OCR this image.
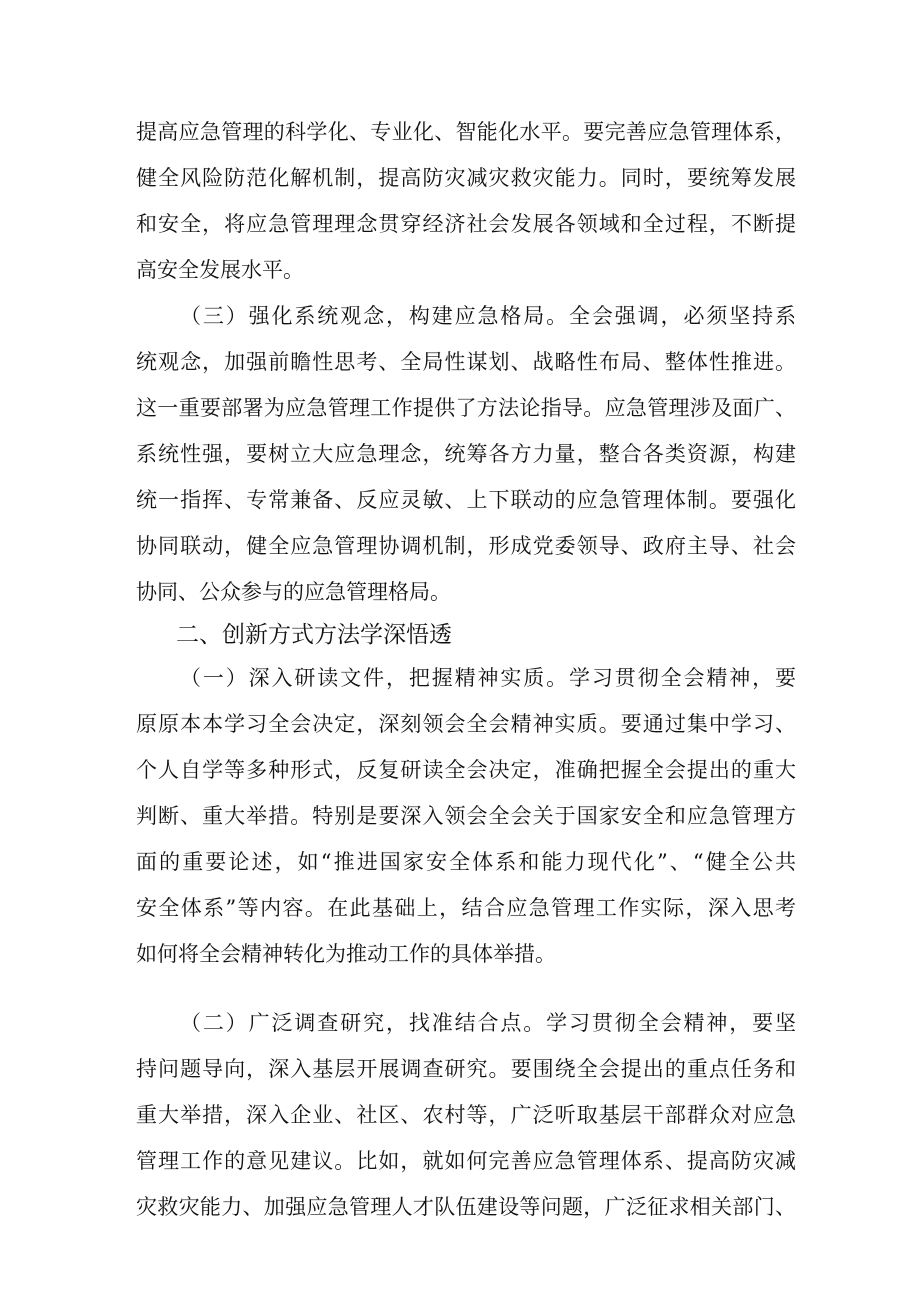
提高应急管理的科学化、专业化、智能化水平。要完善应急管理体系，
健全风险防范化解机制，提高防灾减灾救灾能力。同时，要统筹发展
和安全，将应急管理理念贯穿经济社会发展各领域和全过程，不断提
高安全发展水平。
（三）强化系统观念，构建应急格局。全会强调，必须坚持系
统观念，加强前瞻性思考、全局性谋划、战略性布局、整体性推进。
这一重要部署为应急管理工作提供了方法论指导。应急管理涉及面广、
系统性强，要树立大应急理念，统筹各方力量，整合各类资源，构建
统一指挥、专常兼备、反应灵敏、上下联动的应急管理体制。要强化
协同联动，健全应急管理协调机制，形成党委领导、政府主导、社会
协同、公众参与的应急管理格局。
二、创新方式方法学深悟透
（一）深入研读文件，把握精神实质。学习贯彻全会精神，要
原原本本学习全会决定，深刻领会全会精神实质。要通过集中学习、
个人自学等多种形式，反复研读全会决定，准确把握全会提出的重大
判断、重大举措。特别是要深入领会全会关于国家安全和应急管理方
面的重要论述，如“推进国家安全体系和能力现代化”、“健全公共
安全体系”等内容。在此基础上，结合应急管理工作实际，深入思考
如何将全会精神转化为推动工作的具体举措。
（二）广泛调查研究，找准结合点。学习贯彻全会精神，要坚
持问题导向，深入基层开展调查研究。要围绕全会提出的重点任务和
重大举措，深入企业、社区、农村等，广泛听取基层干部群众对应急
管理工作的意见建议。比如，就如何完善应急管理体系、提高防灾减
灾救灾能力、加强应急管理人才队伍建设等问题，广泛征求相关部门、
